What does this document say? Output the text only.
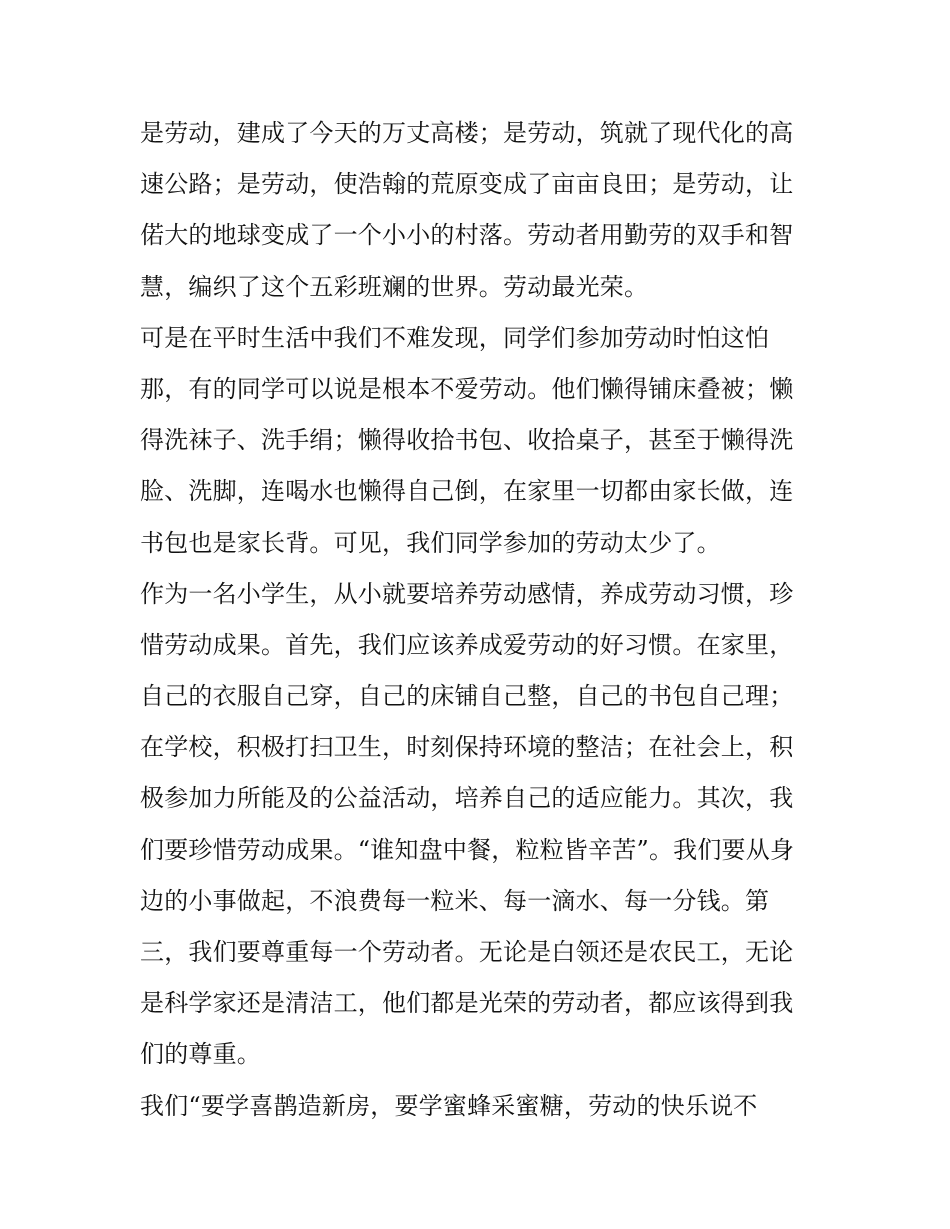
是劳动，建成了今天的万丈高楼；是劳动，筑就了现代化的高
速公路；是劳动，使浩翰的荒原变成了亩亩良田；是劳动，让
偌大的地球变成了一个小小的村落。劳动者用勤劳的双手和智
慧，编织了这个五彩班斓的世界。劳动最光荣。
可是在平时生活中我们不难发现，同学们参加劳动时怕这怕
那，有的同学可以说是根本不爱劳动。他们懒得铺床叠被；懒
得洗袜子、洗手绢；懒得收拾书包、收拾桌子，甚至于懒得洗
脸、洗脚，连喝水也懒得自己倒，在家里一切都由家长做，连
书包也是家长背。可见，我们同学参加的劳动太少了。
作为一名小学生，从小就要培养劳动感情，养成劳动习惯，珍
惜劳动成果。首先，我们应该养成爱劳动的好习惯。在家里，
自己的衣服自己穿，自己的床铺自己整，自己的书包自己理；
在学校，积极打扫卫生，时刻保持环境的整洁；在社会上，积
极参加力所能及的公益活动，培养自己的适应能力。其次，我
们要珍惜劳动成果。“谁知盘中餐，粒粒皆辛苦”。我们要从身
边的小事做起，不浪费每一粒米、每一滴水、每一分钱。第
三，我们要尊重每一个劳动者。无论是白领还是农民工，无论
是科学家还是清洁工，他们都是光荣的劳动者，都应该得到我
们的尊重。
我们“要学喜鹊造新房，要学蜜蜂采蜜糖，劳动的快乐说不
